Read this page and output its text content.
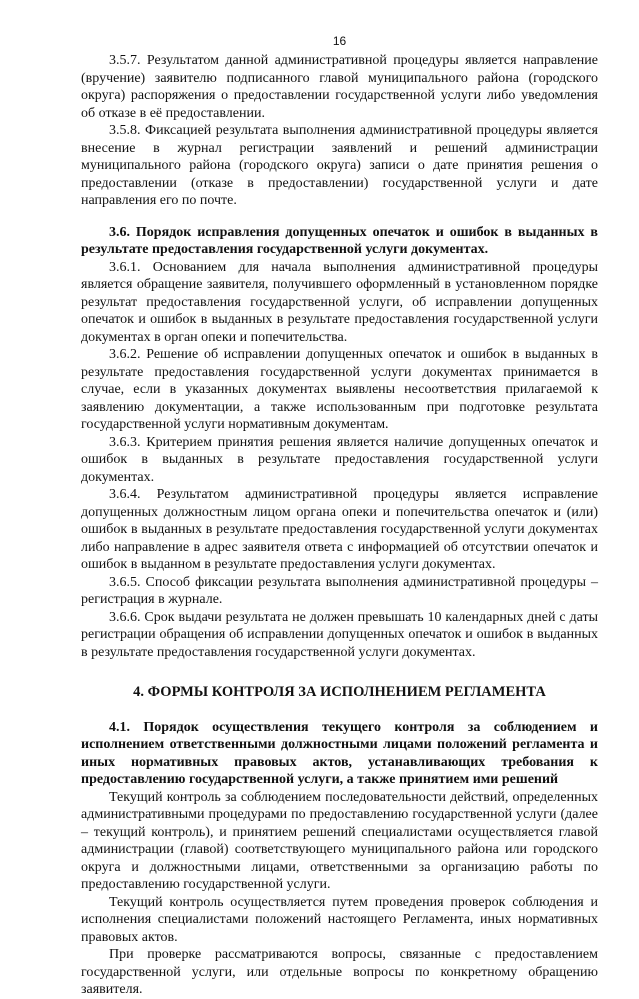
16

3.5.7. Результатом данной административной процедуры является направление (вручение) заявителю подписанного главой муниципального района (городского округа) распоряжения о предоставлении государственной услуги либо уведомления об отказе в её предоставлении.

3.5.8. Фиксацией результата выполнения административной процедуры является внесение в журнал регистрации заявлений и решений администрации муниципального района (городского округа) записи о дате принятия решения о предоставлении (отказе в предоставлении) государственной услуги и дате направления его по почте.

3.6. Порядок исправления допущенных опечаток и ошибок в выданных в результате предоставления государственной услуги документах.

3.6.1. Основанием для начала выполнения административной процедуры является обращение заявителя, получившего оформленный в установленном порядке результат предоставления государственной услуги, об исправлении допущенных опечаток и ошибок в выданных в результате предоставления государственной услуги документах в орган опеки и попечительства.

3.6.2. Решение об исправлении допущенных опечаток и ошибок в выданных в результате предоставления государственной услуги документах принимается в случае, если в указанных документах выявлены несоответствия прилагаемой к заявлению документации, а также использованным при подготовке результата государственной услуги нормативным документам.

3.6.3. Критерием принятия решения является наличие допущенных опечаток и ошибок в выданных в результате предоставления государственной услуги документах.

3.6.4. Результатом административной процедуры является исправление допущенных должностным лицом органа опеки и попечительства опечаток и (или) ошибок в выданных в результате предоставления государственной услуги документах либо направление в адрес заявителя ответа с информацией об отсутствии опечаток и ошибок в выданном в результате предоставления услуги документах.

3.6.5. Способ фиксации результата выполнения административной процедуры – регистрация в журнале.

3.6.6. Срок выдачи результата не должен превышать 10 календарных дней с даты регистрации обращения об исправлении допущенных опечаток и ошибок в выданных в результате предоставления государственной услуги документах.

4. ФОРМЫ КОНТРОЛЯ ЗА ИСПОЛНЕНИЕМ РЕГЛАМЕНТА

4.1. Порядок осуществления текущего контроля за соблюдением и исполнением ответственными должностными лицами положений регламента и иных нормативных правовых актов, устанавливающих требования к предоставлению государственной услуги, а также принятием ими решений

Текущий контроль за соблюдением последовательности действий, определенных административными процедурами по предоставлению государственной услуги (далее – текущий контроль), и принятием решений специалистами осуществляется главой администрации (главой) соответствующего муниципального района или городского округа и должностными лицами, ответственными за организацию работы по предоставлению государственной услуги.

Текущий контроль осуществляется путем проведения проверок соблюдения и исполнения специалистами положений настоящего Регламента, иных нормативных правовых актов.

При проверке рассматриваются вопросы, связанные с предоставлением государственной услуги, или отдельные вопросы по конкретному обращению заявителя.
